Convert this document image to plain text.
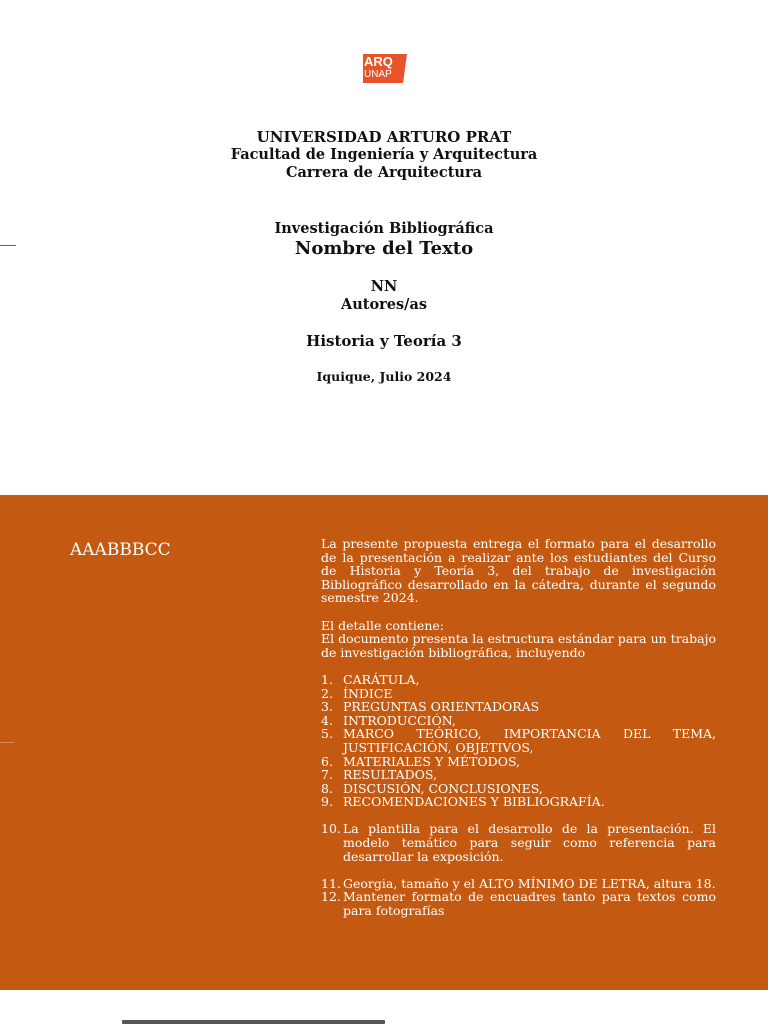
ARQ
UNAP

UNIVERSIDAD ARTURO PRAT

Facultad de Ingeniería y Arquitectura

Carrera de Arquitectura

Investigación Bibliográfica
Nombre del Texto
NN
Autores/as
Historia y Teoría 3
Iquique, Julio 2024
AAABBBCC	La presente propuesta entrega el formato para el desarrollo de la presentación a realizar ante los estudiantes del Curso de Historia y Teoría 3, del trabajo de investigación Bibliográfico desarrollado en la cátedra, durante el segundo semestre 2024.

El detalle contiene:
El documento presenta la estructura estándar para un trabajo de investigación bibliográfica, incluyendo

1. CARÁTULA,
2. ÍNDICE
3. PREGUNTAS ORIENTADORAS
4. INTRODUCCIÓN,
5. MARCO TEÓRICO, IMPORTANCIA DEL TEMA, JUSTIFICACIÓN, OBJETIVOS,
6. MATERIALES Y MÉTODOS,
7. RESULTADOS,
8. DISCUSIÓN, CONCLUSIONES,
9. RECOMENDACIONES Y BIBLIOGRAFÍA.
10. La plantilla para el desarrollo de la presentación. El modelo temático para seguir como referencia para desarrollar la exposición.
11. Georgia, tamaño y el ALTO MÍNIMO DE LETRA, altura 18.
12. Mantener formato de encuadres tanto para textos como para fotografías
